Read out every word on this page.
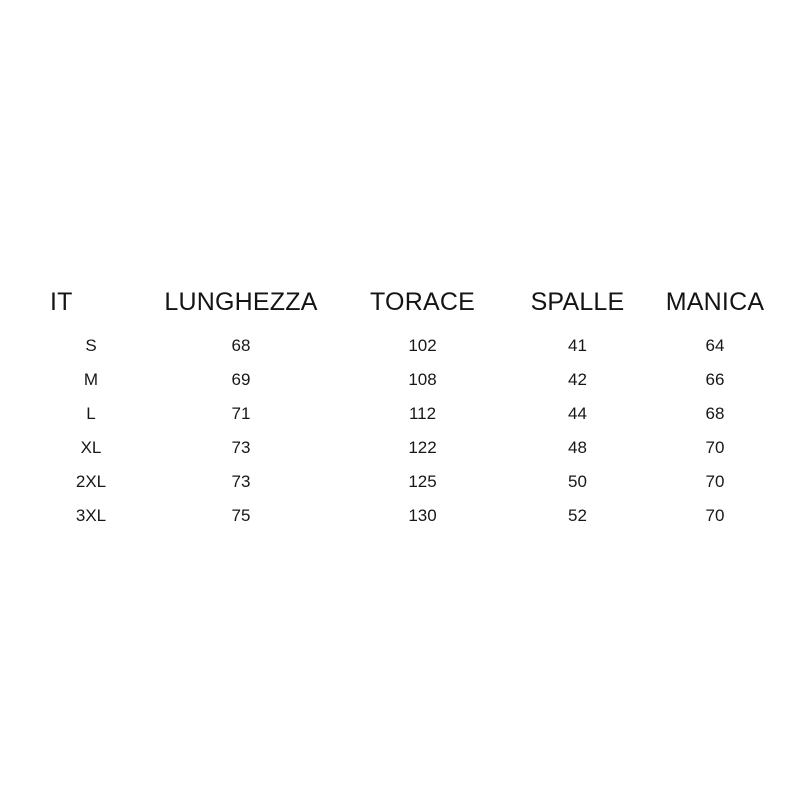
IT	LUNGHEZZA	TORACE	SPALLE	MANICA
S	68	102	41	64
M	69	108	42	66
L	71	112	44	68
XL	73	122	48	70
2XL	73	125	50	70
3XL	75	130	52	70
